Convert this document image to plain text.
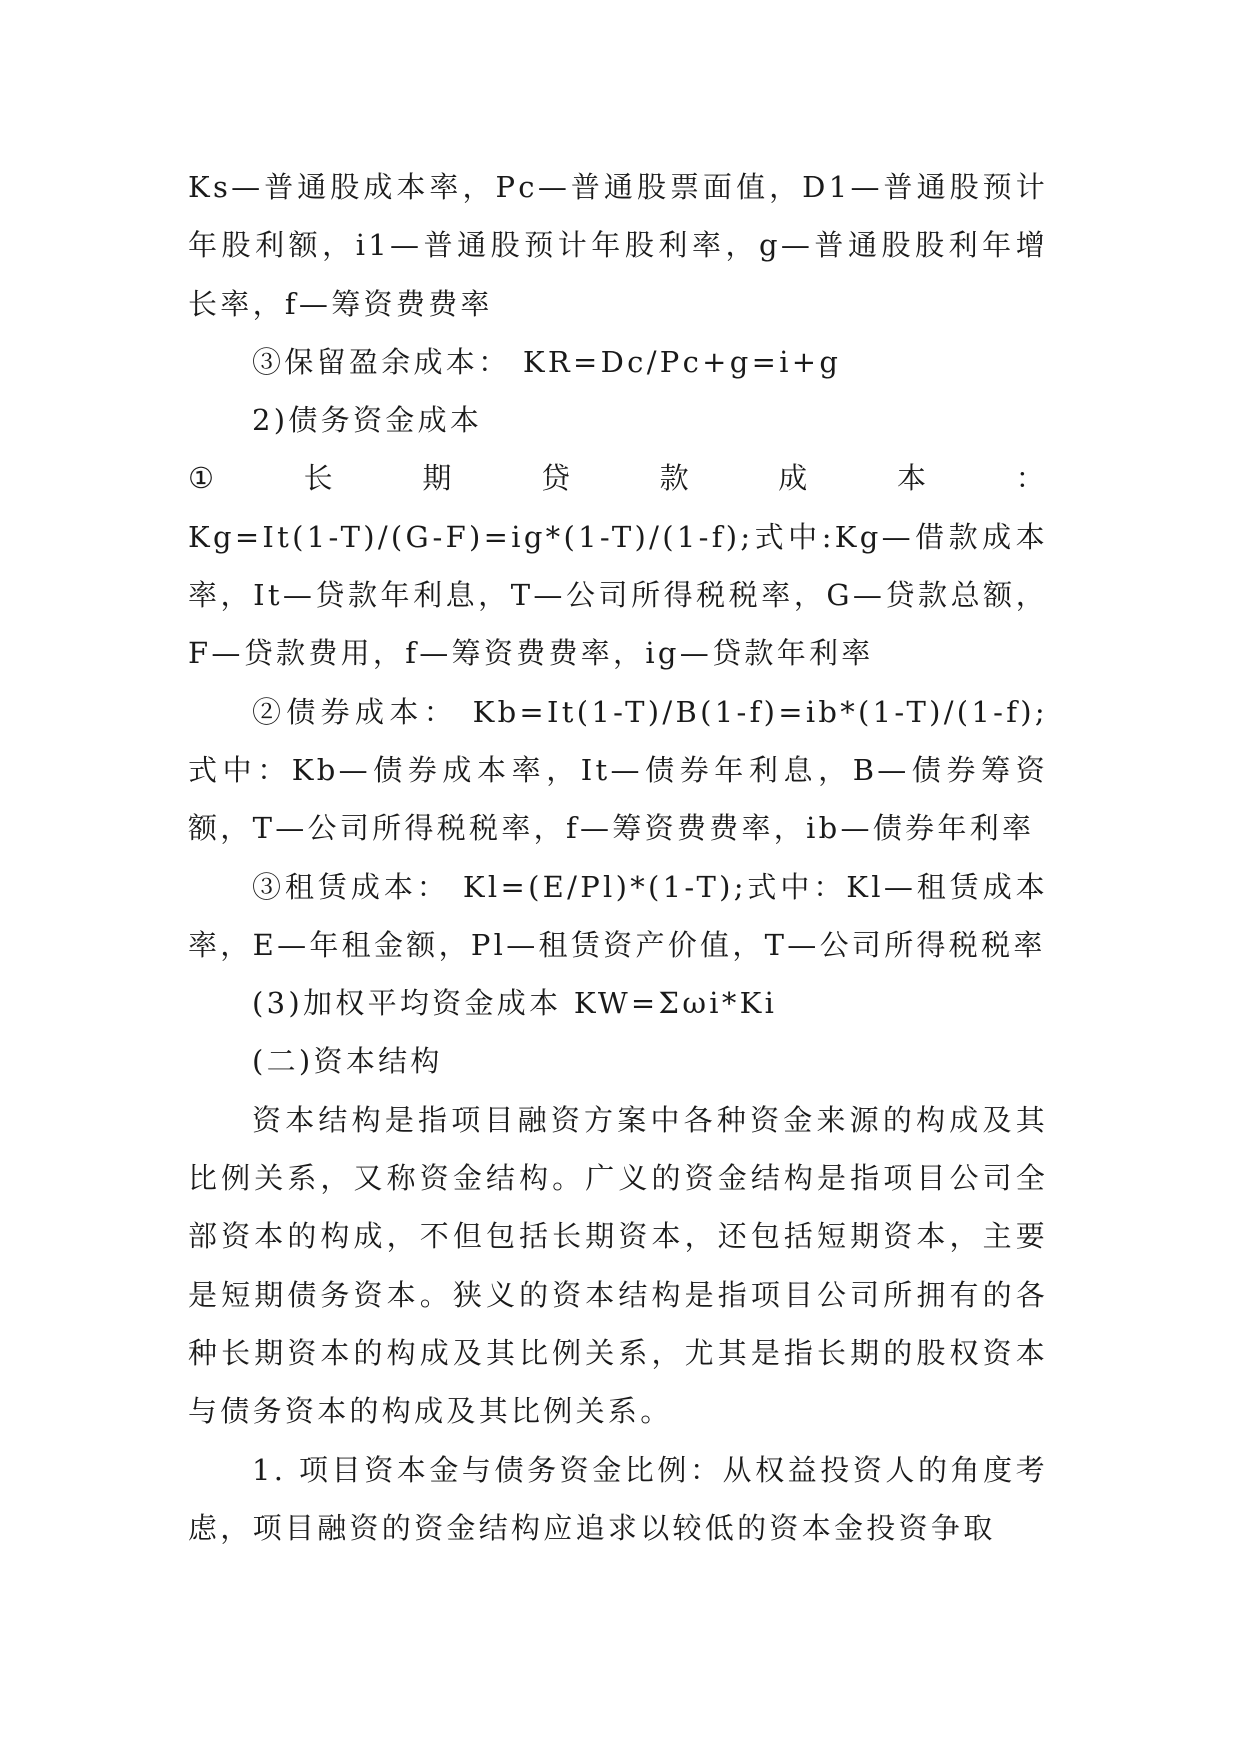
Ks—普通股成本率，Pc—普通股票面值，D1—普通股预计年股利额，i1—普通股预计年股利率，g—普通股股利年增长率，f—筹资费费率

③保留盈余成本： KR=Dc/Pc+g=i+g

2)债务资金成本

①	长	期	贷	款	成	本	：

Kg=It(1-T)/(G-F)=ig*(1-T)/(1-f);式中:Kg—借款成本率，It—贷款年利息，T—公司所得税税率，G—贷款总额，F—贷款费用，f—筹资费费率，ig—贷款年利率

②债券成本： Kb=It(1-T)/B(1-f)=ib*(1-T)/(1-f);式中：Kb—债券成本率，It—债券年利息，B—债券筹资额，T—公司所得税税率，f—筹资费费率，ib—债券年利率

③租赁成本： Kl=(E/Pl)*(1-T);式中：Kl—租赁成本率，E—年租金额，Pl—租赁资产价值，T—公司所得税税率

(3)加权平均资金成本 KW=Σωi*Ki

(二)资本结构

资本结构是指项目融资方案中各种资金来源的构成及其比例关系，又称资金结构。广义的资金结构是指项目公司全部资本的构成，不但包括长期资本，还包括短期资本，主要是短期债务资本。狭义的资本结构是指项目公司所拥有的各种长期资本的构成及其比例关系，尤其是指长期的股权资本与债务资本的构成及其比例关系。

1. 项目资本金与债务资金比例：从权益投资人的角度考虑，项目融资的资金结构应追求以较低的资本金投资争取
